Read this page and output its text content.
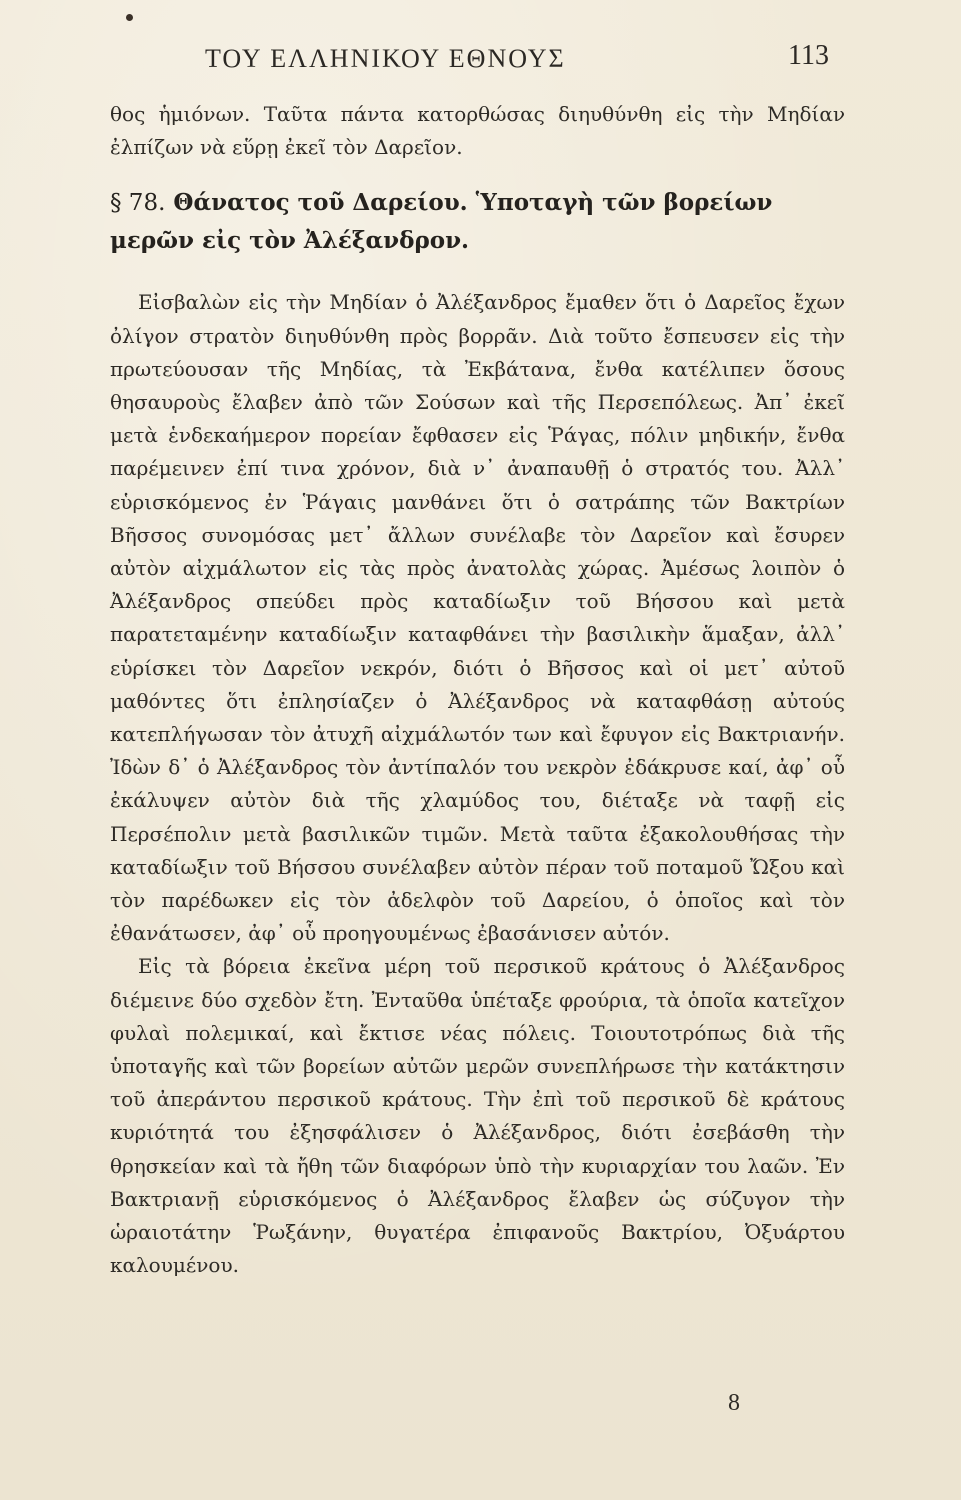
ΤΟΥ ΕΛΛΗΝΙΚΟΥ ΕΘΝΟΥΣ	113

θος ἡμιόνων. Ταῦτα πάντα κατορθώσας διηυθύνθη εἰς τὴν Μηδίαν ἐλπίζων νὰ εὕρῃ ἐκεῖ τὸν Δαρεῖον.

§ 78. Θάνατος τοῦ Δαρείου. Ὑποταγὴ τῶν βορείων μερῶν εἰς τὸν Ἀλέξανδρον.

Εἰσβαλὼν εἰς τὴν Μηδίαν ὁ Ἀλέξανδρος ἔμαθεν ὅτι ὁ Δαρεῖος ἔχων ὀλίγον στρατὸν διηυθύνθη πρὸς βορρᾶν. Διὰ τοῦτο ἔσπευσεν εἰς τὴν πρωτεύουσαν τῆς Μηδίας, τὰ Ἐκβάτανα, ἔνθα κατέλιπεν ὅσους θησαυροὺς ἔλαβεν ἀπὸ τῶν Σούσων καὶ τῆς Περσεπόλεως. Ἀπ᾿ ἐκεῖ μετὰ ἑνδεκαήμερον πορείαν ἔφθασεν εἰς Ῥάγας, πόλιν μηδικήν, ἔνθα παρέμεινεν ἐπί τινα χρόνον, διὰ ν᾿ ἀναπαυθῇ ὁ στρατός του. Ἀλλ᾿ εὑρισκόμενος ἐν Ῥάγαις μανθάνει ὅτι ὁ σατράπης τῶν Βακτρίων Βῆσσος συνομόσας μετ᾿ ἄλλων συνέλαβε τὸν Δαρεῖον καὶ ἔσυρεν αὐτὸν αἰχμάλωτον εἰς τὰς πρὸς ἀνατολὰς χώρας. Ἀμέσως λοιπὸν ὁ Ἀλέξανδρος σπεύδει πρὸς καταδίωξιν τοῦ Βήσσου καὶ μετὰ παρατεταμένην καταδίωξιν καταφθάνει τὴν βασιλικὴν ἅμαξαν, ἀλλ᾿ εὑρίσκει τὸν Δαρεῖον νεκρόν, διότι ὁ Βῆσσος καὶ οἱ μετ᾿ αὐτοῦ μαθόντες ὅτι ἐπλησίαζεν ὁ Ἀλέξανδρος νὰ καταφθάσῃ αὐτούς κατεπλήγωσαν τὸν ἀτυχῆ αἰχμάλωτόν των καὶ ἔφυγον εἰς Βακτριανήν. Ἰδὼν δ᾿ ὁ Ἀλέξανδρος τὸν ἀντίπαλόν του νεκρὸν ἐδάκρυσε καί, ἀφ᾿ οὗ ἐκάλυψεν αὐτὸν διὰ τῆς χλαμύδος του, διέταξε νὰ ταφῇ εἰς Περσέπολιν μετὰ βασιλικῶν τιμῶν. Μετὰ ταῦτα ἐξακολουθήσας τὴν καταδίωξιν τοῦ Βήσσου συνέλαβεν αὐτὸν πέραν τοῦ ποταμοῦ Ὤξου καὶ τὸν παρέδωκεν εἰς τὸν ἀδελφὸν τοῦ Δαρείου, ὁ ὁποῖος καὶ τὸν ἐθανάτωσεν, ἀφ᾿ οὗ προηγουμένως ἐβασάνισεν αὐτόν.

Εἰς τὰ βόρεια ἐκεῖνα μέρη τοῦ περσικοῦ κράτους ὁ Ἀλέξανδρος διέμεινε δύο σχεδὸν ἔτη. Ἐνταῦθα ὑπέταξε φρούρια, τὰ ὁποῖα κατεῖχον φυλαὶ πολεμικαί, καὶ ἔκτισε νέας πόλεις. Τοιουτοτρόπως διὰ τῆς ὑποταγῆς καὶ τῶν βορείων αὐτῶν μερῶν συνεπλήρωσε τὴν κατάκτησιν τοῦ ἀπεράντου περσικοῦ κράτους. Τὴν ἐπὶ τοῦ περσικοῦ δὲ κράτους κυριότητά του ἐξησφάλισεν ὁ Ἀλέξανδρος, διότι ἐσεβάσθη τὴν θρησκείαν καὶ τὰ ἤθη τῶν διαφόρων ὑπὸ τὴν κυριαρχίαν του λαῶν. Ἐν Βακτριανῇ εὑρισκόμενος ὁ Ἀλέξανδρος ἔλαβεν ὡς σύζυγον τὴν ὡραιοτάτην Ῥωξάνην, θυγατέρα ἐπιφανοῦς Βακτρίου, Ὀξυάρτου καλουμένου.

8
